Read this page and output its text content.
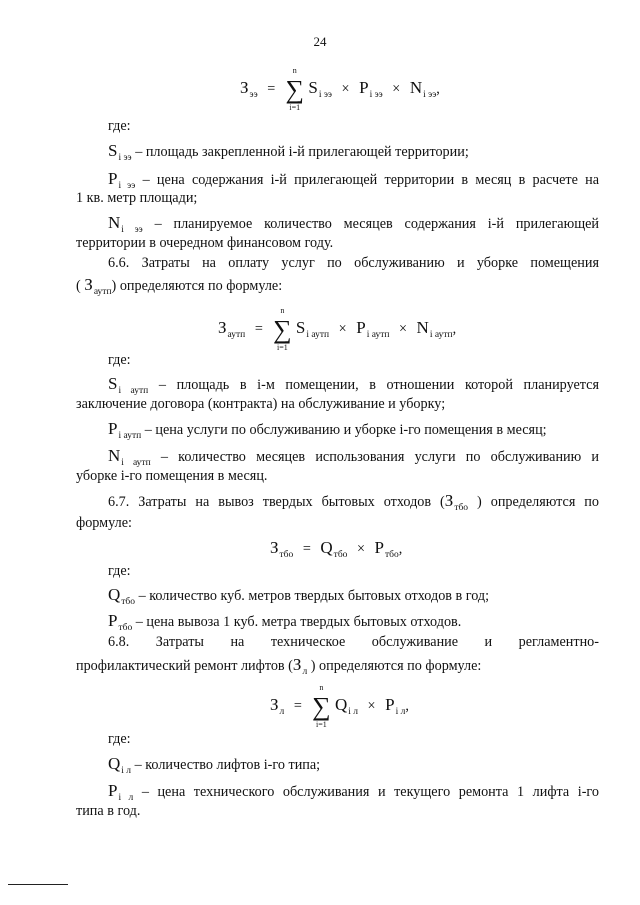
24
$З_{ээ}$ =
n
∑
i=1
$S_{i ээ} \times P_{i ээ} \times N_{i ээ}$,
где:
$S_{i ээ}$ – площадь закрепленной i-й прилегающей территории;
$P_{i ээ}$ – цена содержания i-й прилегающей территории в месяц в расчете на
1 кв. метр площади;
$N_{i ээ}$ – планируемое количество месяцев содержания i-й прилегающей
территории в очередном финансовом году.
6.6. Затраты на оплату услуг по обслуживанию и уборке помещения
( $З_{аутп}$) определяются по формуле:
$З_{аутп}$ =
n
∑
i=1
$S_{i аутп} \times P_{i аутп} \times N_{i аутп}$,
где:
$S_{i аутп}$ – площадь в i-м помещении, в отношении которой планируется
заключение договора (контракта) на обслуживание и уборку;
$P_{i аутп}$ – цена услуги по обслуживанию и уборке i-го помещения в месяц;
$N_{i аутп}$ – количество месяцев использования услуги по обслуживанию и
уборке i-го помещения в месяц.
6.7. Затраты на вывоз твердых бытовых отходов ($З_{тбо}$ ) определяются по
формуле:
$З_{тбо} = Q_{тбо} \times P_{тбо}$,
где:
$Q_{тбо}$ – количество куб. метров твердых бытовых отходов в год;
$P_{тбо}$ – цена вывоза 1 куб. метра твердых бытовых отходов.
6.8. Затраты на техническое обслуживание и регламентно-
профилактический ремонт лифтов ($З_л$ ) определяются по формуле:
$З_л$ =
n
∑
i=1
$Q_{i л} \times P_{i л}$,
где:
$Q_{i л}$ – количество лифтов i-го типа;
$P_{i л}$ – цена технического обслуживания и текущего ремонта 1 лифта i-го
типа в год.
